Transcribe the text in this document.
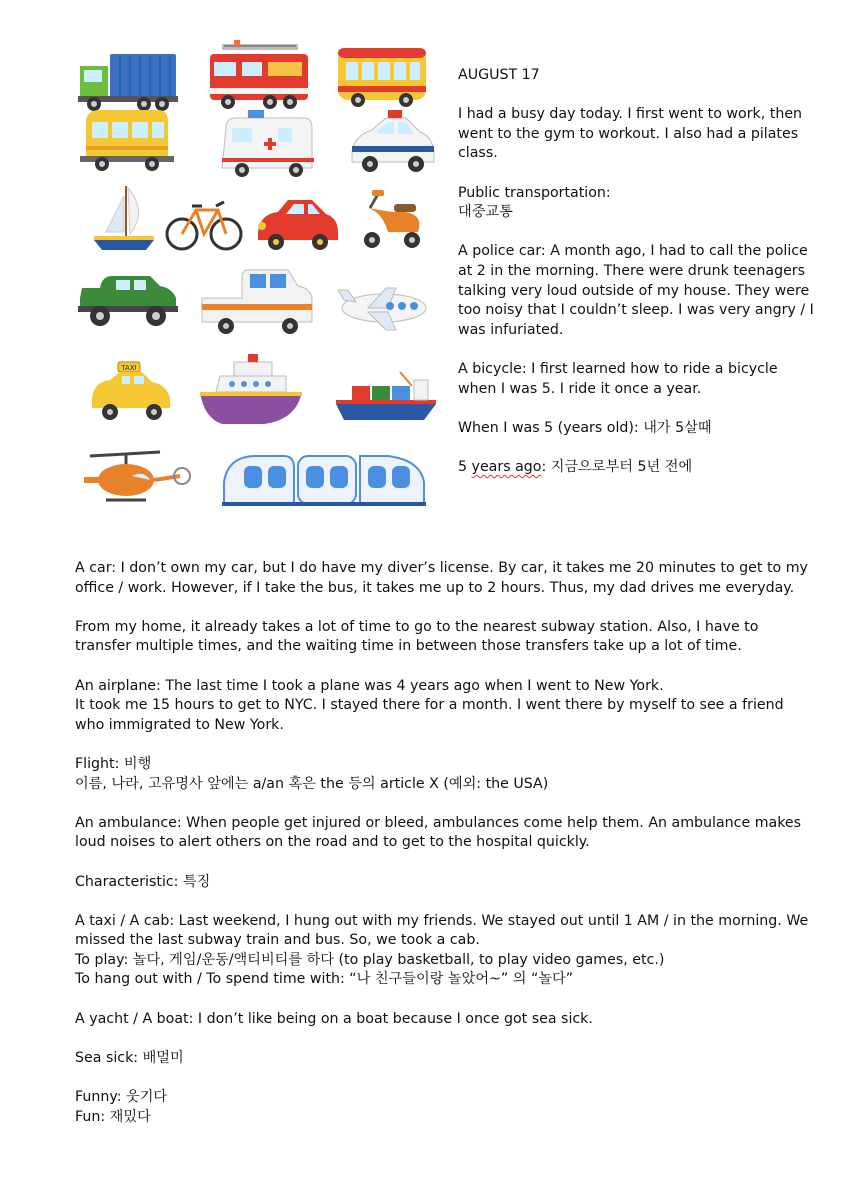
TAXI

AUGUST 17

I had a busy day today. I first went to work, then went to the gym to workout. I also had a pilates class.

Public transportation:
대중교통

A police car: A month ago, I had to call the police at 2 in the morning. There were drunk teenagers talking very loud outside of my house. They were too noisy that I couldn’t sleep. I was very angry / I was infuriated.

A bicycle: I first learned how to ride a bicycle when I was 5. I ride it once a year.

When I was 5 (years old): 내가 5살때

5 years ago: 지금으로부터 5년 전에

A car: I don’t own my car, but I do have my diver’s license. By car, it takes me 20 minutes to get to my office / work. However, if I take the bus, it takes me up to 2 hours. Thus, my dad drives me everyday.

From my home, it already takes a lot of time to go to the nearest subway station. Also, I have to transfer multiple times, and the waiting time in between those transfers take up a lot of time.

An airplane: The last time I took a plane was 4 years ago when I went to New York.
It took me 15 hours to get to NYC. I stayed there for a month. I went there by myself to see a friend who immigrated to New York.

Flight: 비행
이름, 나라, 고유명사 앞에는 a/an 혹은 the 등의 article X (예외: the USA)

An ambulance: When people get injured or bleed, ambulances come help them. An ambulance makes loud noises to alert others on the road and to get to the hospital quickly.

Characteristic: 특징

A taxi / A cab: Last weekend, I hung out with my friends. We stayed out until 1 AM / in the morning. We missed the last subway train and bus. So, we took a cab.
To play: 놀다, 게임/운동/액티비티를 하다 (to play basketball, to play video games, etc.)
To hang out with / To spend time with: “나 친구들이랑 놀았어~” 의 “놀다”

A yacht / A boat: I don’t like being on a boat because I once got sea sick.

Sea sick: 배멀미

Funny: 웃기다
Fun: 재밌다
